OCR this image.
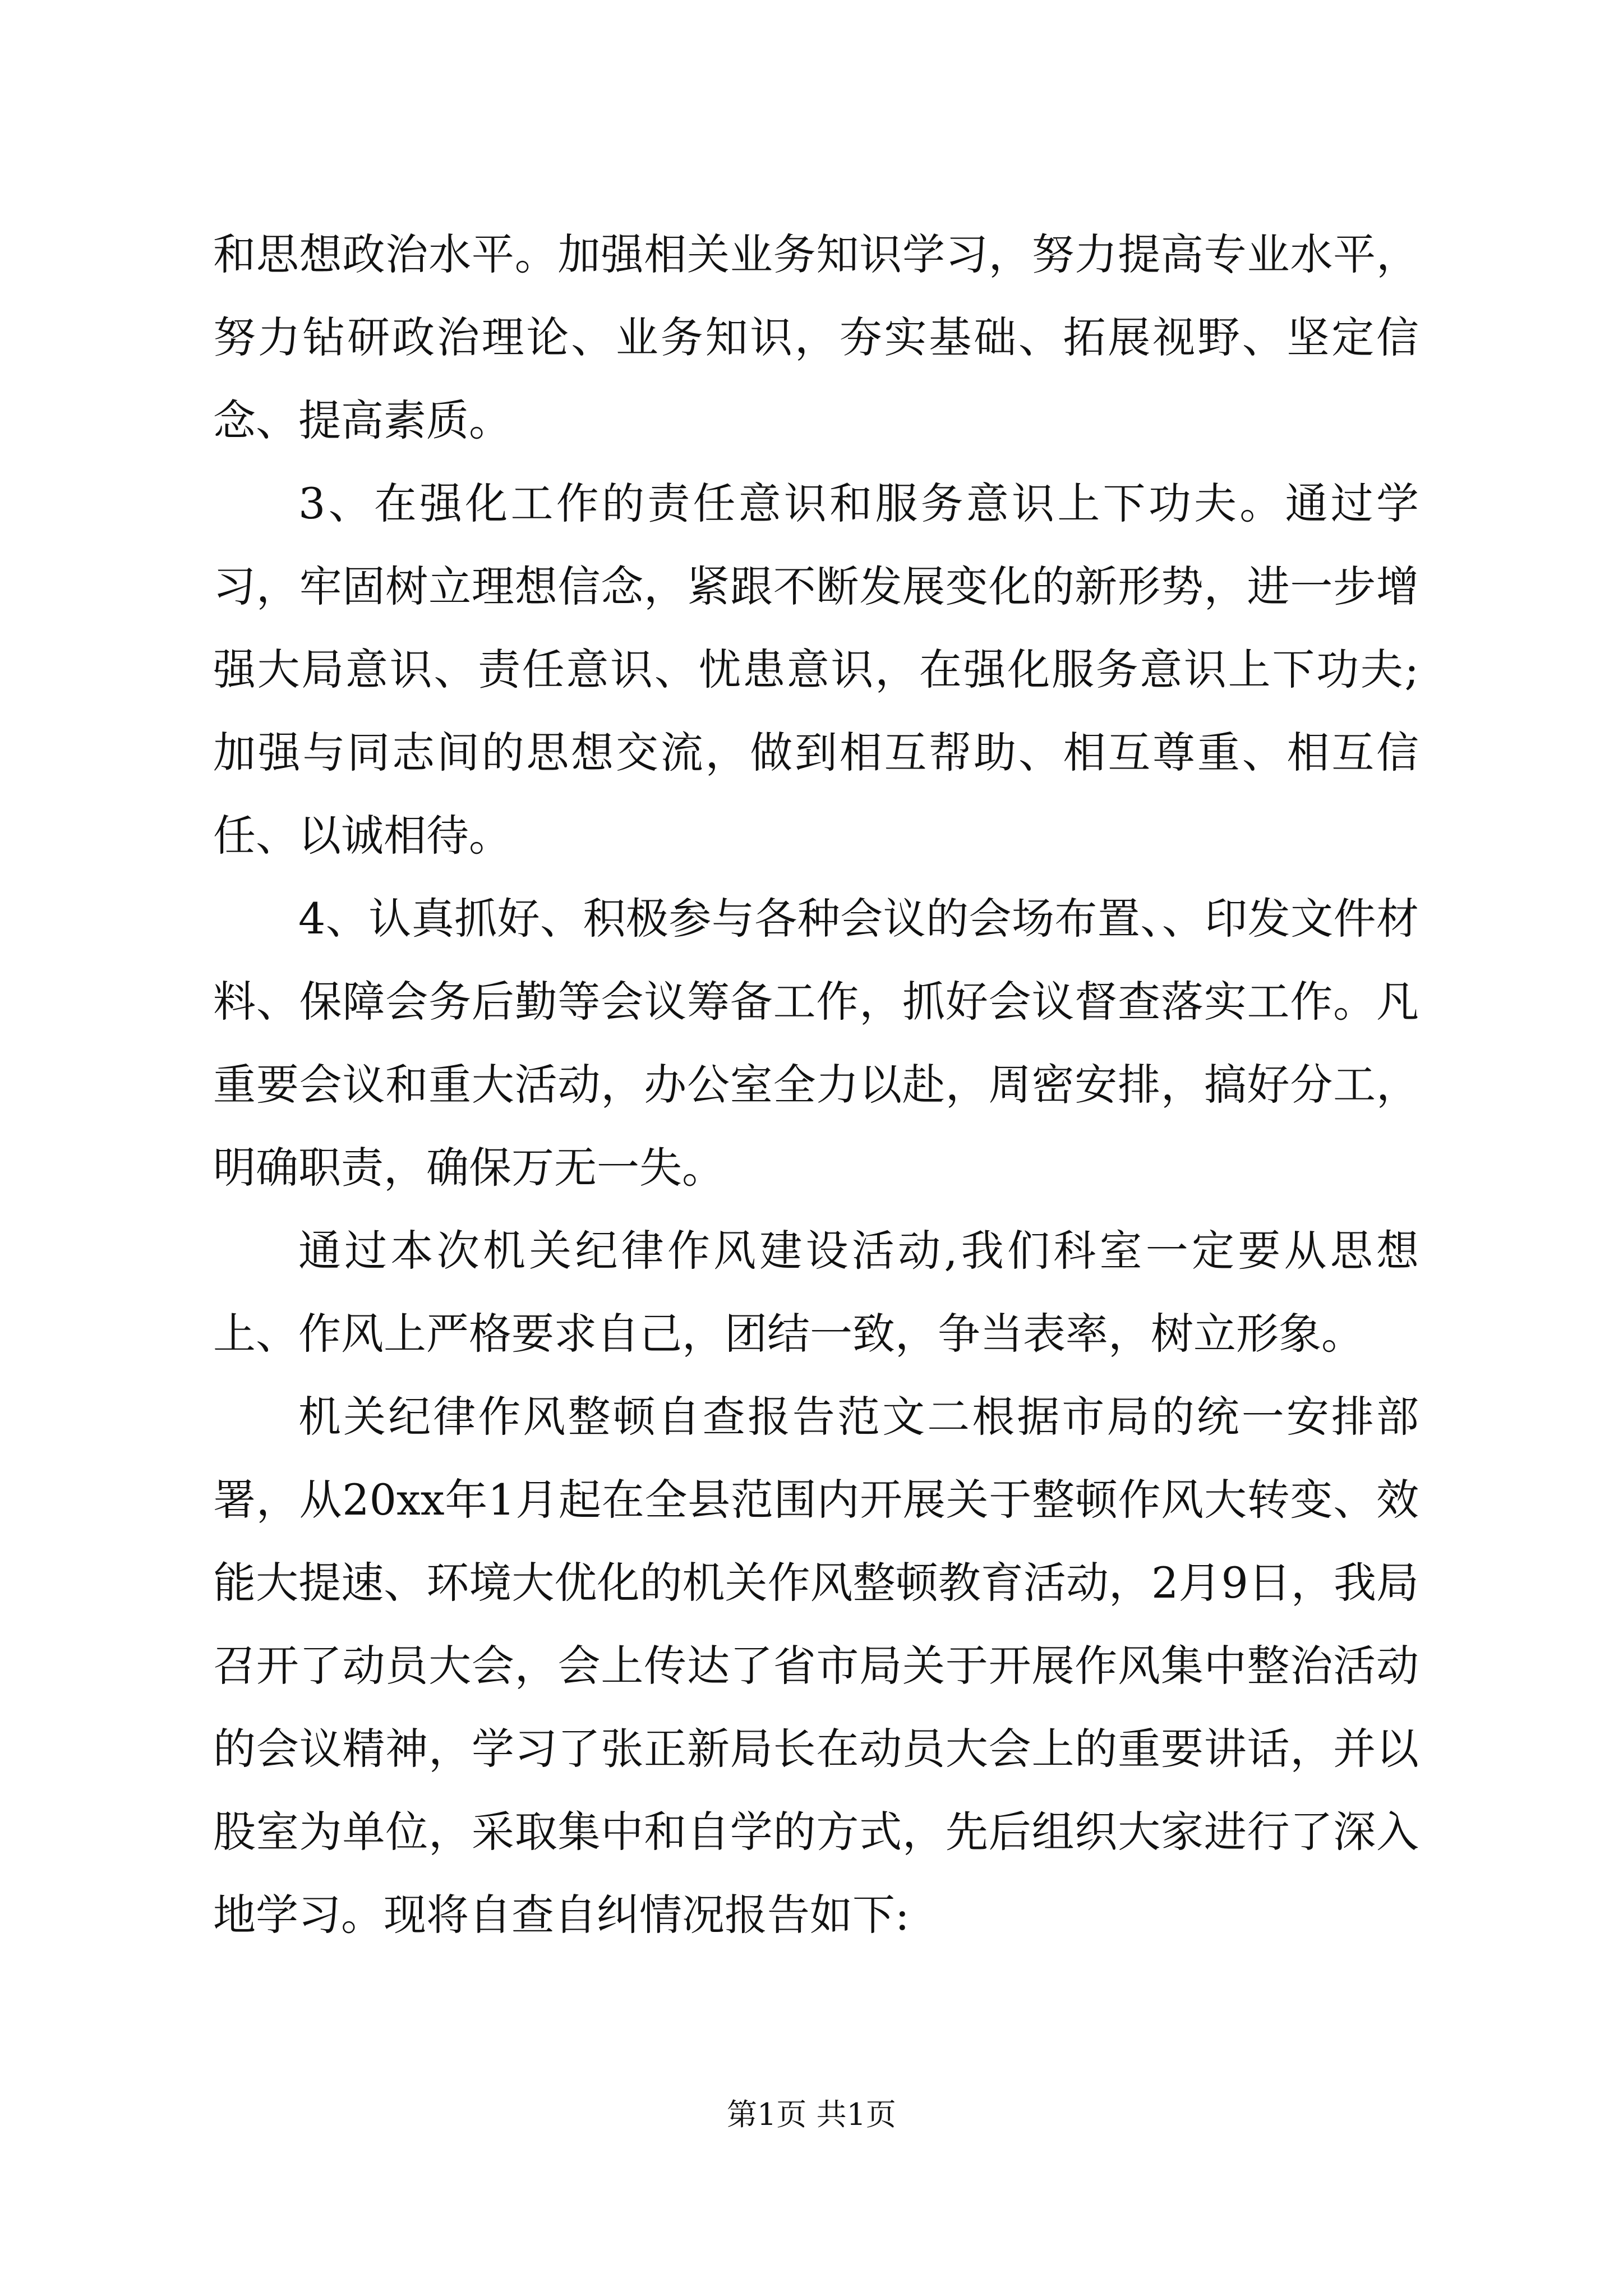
和思想政治水平。加强相关业务知识学习，努力提高专业水平，努力钻研政治理论、业务知识，夯实基础、拓展视野、坚定信念、提高素质。

3、在强化工作的责任意识和服务意识上下功夫。通过学习，牢固树立理想信念，紧跟不断发展变化的新形势，进一步增强大局意识、责任意识、忧患意识，在强化服务意识上下功夫;加强与同志间的思想交流，做到相互帮助、相互尊重、相互信任、以诚相待。

4、认真抓好、积极参与各种会议的会场布置、、印发文件材料、保障会务后勤等会议筹备工作，抓好会议督查落实工作。凡重要会议和重大活动，办公室全力以赴，周密安排，搞好分工，明确职责，确保万无一失。

通过本次机关纪律作风建设活动,我们科室一定要从思想上、作风上严格要求自己，团结一致，争当表率，树立形象。

机关纪律作风整顿自查报告范文二根据市局的统一安排部署，从20xx年1月起在全县范围内开展关于整顿作风大转变、效能大提速、环境大优化的机关作风整顿教育活动，2月9日，我局召开了动员大会，会上传达了省市局关于开展作风集中整治活动的会议精神，学习了张正新局长在动员大会上的重要讲话，并以股室为单位，采取集中和自学的方式，先后组织大家进行了深入地学习。现将自查自纠情况报告如下:

第1页 共1页
